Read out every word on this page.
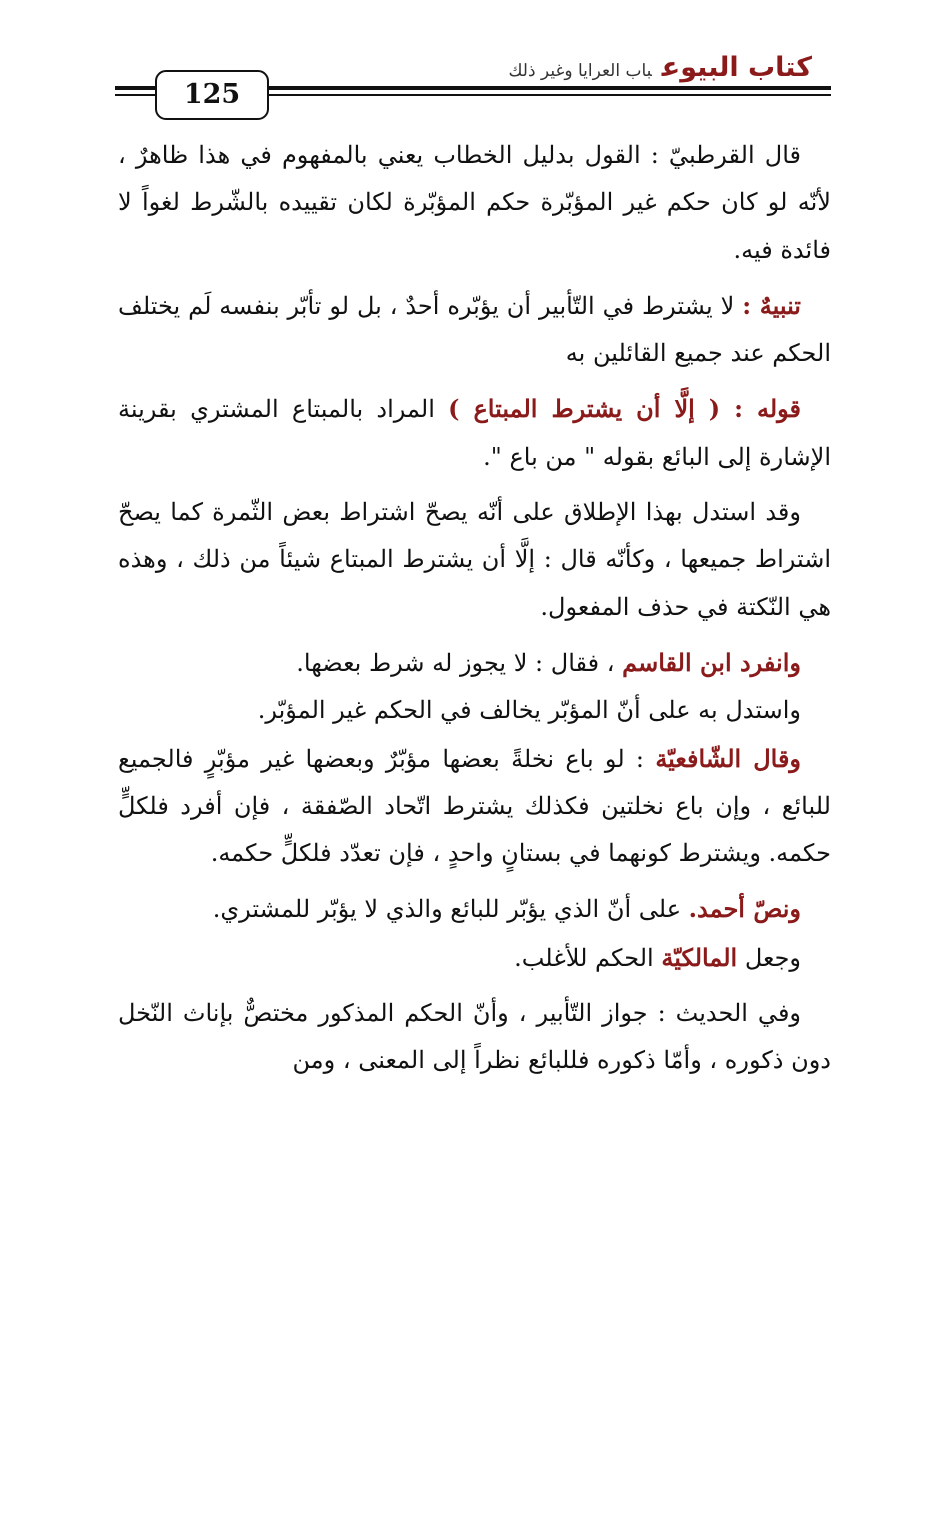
كتاب البيوعباب العرايا وغير ذلك
125

قال القرطبيّ : القول بدليل الخطاب يعني بالمفهوم في هذا ظاهرٌ ، لأنّه لو كان حكم غير المؤبّرة حكم المؤبّرة لكان تقييده بالشّرط لغواً لا فائدة فيه.

تنبيهٌ : لا يشترط في التّأبير أن يؤبّره أحدٌ ، بل لو تأبّر بنفسه لَم يختلف الحكم عند جميع القائلين به

قوله : ( إلَّا أن يشترط المبتاع ) المراد بالمبتاع المشتري بقرينة الإشارة إلى البائع بقوله " من باع ".

وقد استدل بهذا الإطلاق على أنّه يصحّ اشتراط بعض الثّمرة كما يصحّ اشتراط جميعها ، وكأنّه قال : إلَّا أن يشترط المبتاع شيئاً من ذلك ، وهذه هي النّكتة في حذف المفعول.

وانفرد ابن القاسم ، فقال : لا يجوز له شرط بعضها.

واستدل به على أنّ المؤبّر يخالف في الحكم غير المؤبّر.

وقال الشّافعيّة : لو باع نخلةً بعضها مؤبّرٌ وبعضها غير مؤبّرٍ فالجميع للبائع ، وإن باع نخلتين فكذلك يشترط اتّحاد الصّفقة ، فإن أفرد فلكلٍّ حكمه. ويشترط كونهما في بستانٍ واحدٍ ، فإن تعدّد فلكلٍّ حكمه.

ونصّ أحمد. على أنّ الذي يؤبّر للبائع والذي لا يؤبّر للمشتري.

وجعل المالكيّة الحكم للأغلب.

وفي الحديث : جواز التّأبير ، وأنّ الحكم المذكور مختصٌّ بإناث النّخل دون ذكوره ، وأمّا ذكوره فللبائع نظراً إلى المعنى ، ومن
